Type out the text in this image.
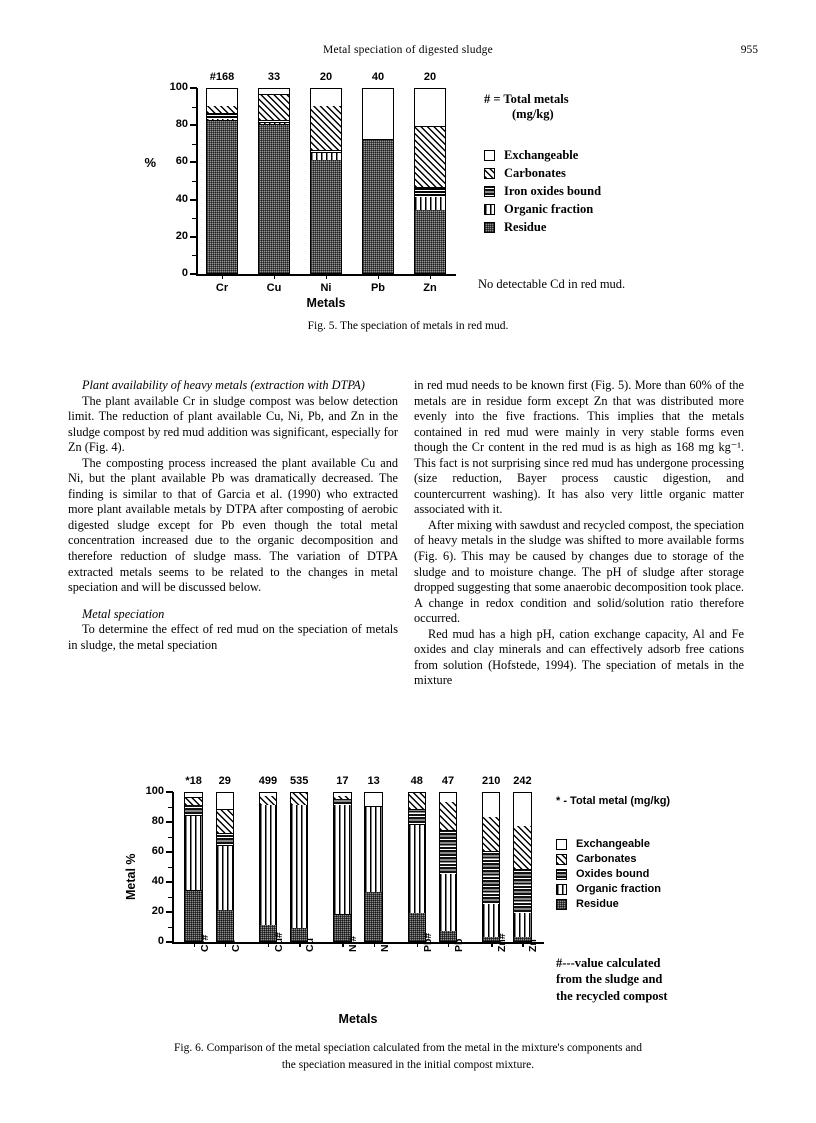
Metal speciation of digested sludge	955
0
20
40
60
80
100
#168
Cr
33
Cu
20
Ni
40
Pb
20
Zn
%
Metals
# = Total metals
(mg/kg)
Exchangeable
Carbonates
Iron oxides bound
Organic fraction
Residue
No detectable Cd in red mud.
Fig. 5. The speciation of metals in red mud.

Plant availability of heavy metals (extraction with DTPA)

The plant available Cr in sludge compost was below detection limit. The reduction of plant available Cu, Ni, Pb, and Zn in the sludge compost by red mud addition was significant, especially for Zn (Fig. 4).

The composting process increased the plant available Cu and Ni, but the plant available Pb was dramatically decreased. The finding is similar to that of Garcia et al. (1990) who extracted more plant available metals by DTPA after composting of aerobic digested sludge except for Pb even though the total metal concentration increased due to the organic decomposition and therefore reduction of sludge mass. The variation of DTPA extracted metals seems to be related to the changes in metal speciation and will be discussed below.

Metal speciation

To determine the effect of red mud on the speciation of metals in sludge, the metal speciation

in red mud needs to be known first (Fig. 5). More than 60% of the metals are in residue form except Zn that was distributed more evenly into the five fractions. This implies that the metals contained in red mud were mainly in very stable forms even though the Cr content in the red mud is as high as 168 mg kg⁻¹. This fact is not surprising since red mud has undergone processing (size reduction, Bayer process caustic digestion, and countercurrent washing). It has also very little organic matter associated with it.

After mixing with sawdust and recycled compost, the speciation of heavy metals in the sludge was shifted to more available forms (Fig. 6). This may be caused by changes due to storage of the sludge and to moisture change. The pH of sludge after storage dropped suggesting that some anaerobic decomposition took place. A change in redox condition and solid/solution ratio therefore occurred.

Red mud has a high pH, cation exchange capacity, Al and Fe oxides and clay minerals and can effectively adsorb free cations from solution (Hofstede, 1994). The speciation of metals in the mixture

0
20
40
60
80
100
*18
Cr#
29
Cr
499
Cu#
535
Cu
17
Ni#
13
Ni
48
Pb#
47
Pb
210
Zn#
242
Zn
Metal %
Metals
* - Total metal (mg/kg)
Exchangeable
Carbonates
Oxides bound
Organic fraction
Residue
#---value calculated
from the sludge and
the recycled compost
Fig. 6. Comparison of the metal speciation calculated from the metal in the mixture's components and
the speciation measured in the initial compost mixture.
